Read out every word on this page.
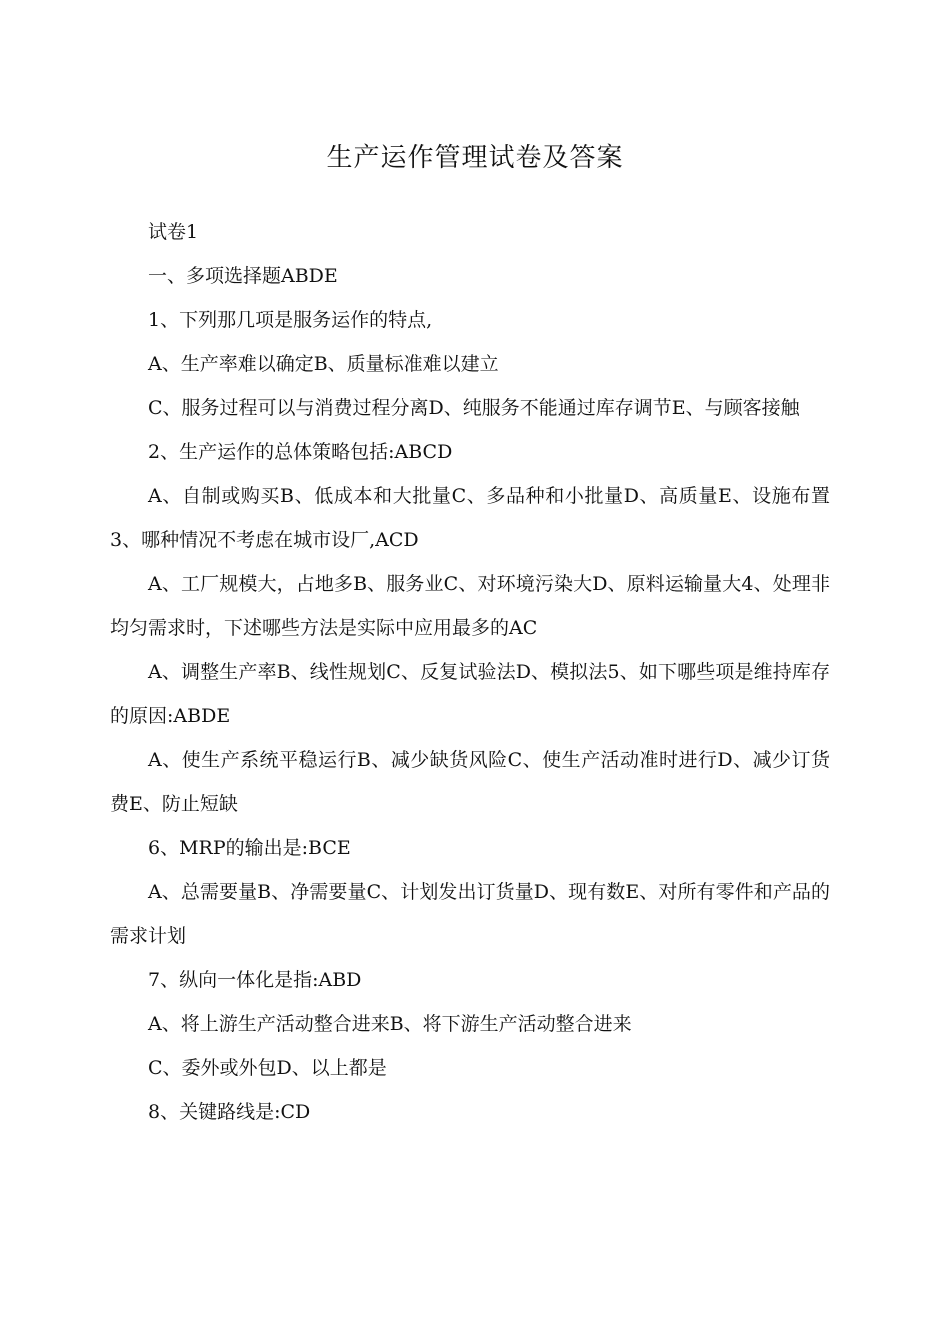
生产运作管理试卷及答案

试卷1

一、多项选择题ABDE

1、下列那几项是服务运作的特点,

A、生产率难以确定B、质量标准难以建立

C、服务过程可以与消费过程分离D、纯服务不能通过库存调节E、与顾客接触

2、生产运作的总体策略包括:ABCD

A、自制或购买B、低成本和大批量C、多品种和小批量D、高质量E、设施布置3、哪种情况不考虑在城市设厂,ACD

A、工厂规模大，占地多B、服务业C、对环境污染大D、原料运输量大4、处理非均匀需求时，下述哪些方法是实际中应用最多的AC

A、调整生产率B、线性规划C、反复试验法D、模拟法5、如下哪些项是维持库存的原因:ABDE

A、使生产系统平稳运行B、减少缺货风险C、使生产活动准时进行D、减少订货费E、防止短缺

6、MRP的输出是:BCE

A、总需要量B、净需要量C、计划发出订货量D、现有数E、对所有零件和产品的需求计划

7、纵向一体化是指:ABD

A、将上游生产活动整合进来B、将下游生产活动整合进来

C、委外或外包D、以上都是

8、关键路线是:CD
